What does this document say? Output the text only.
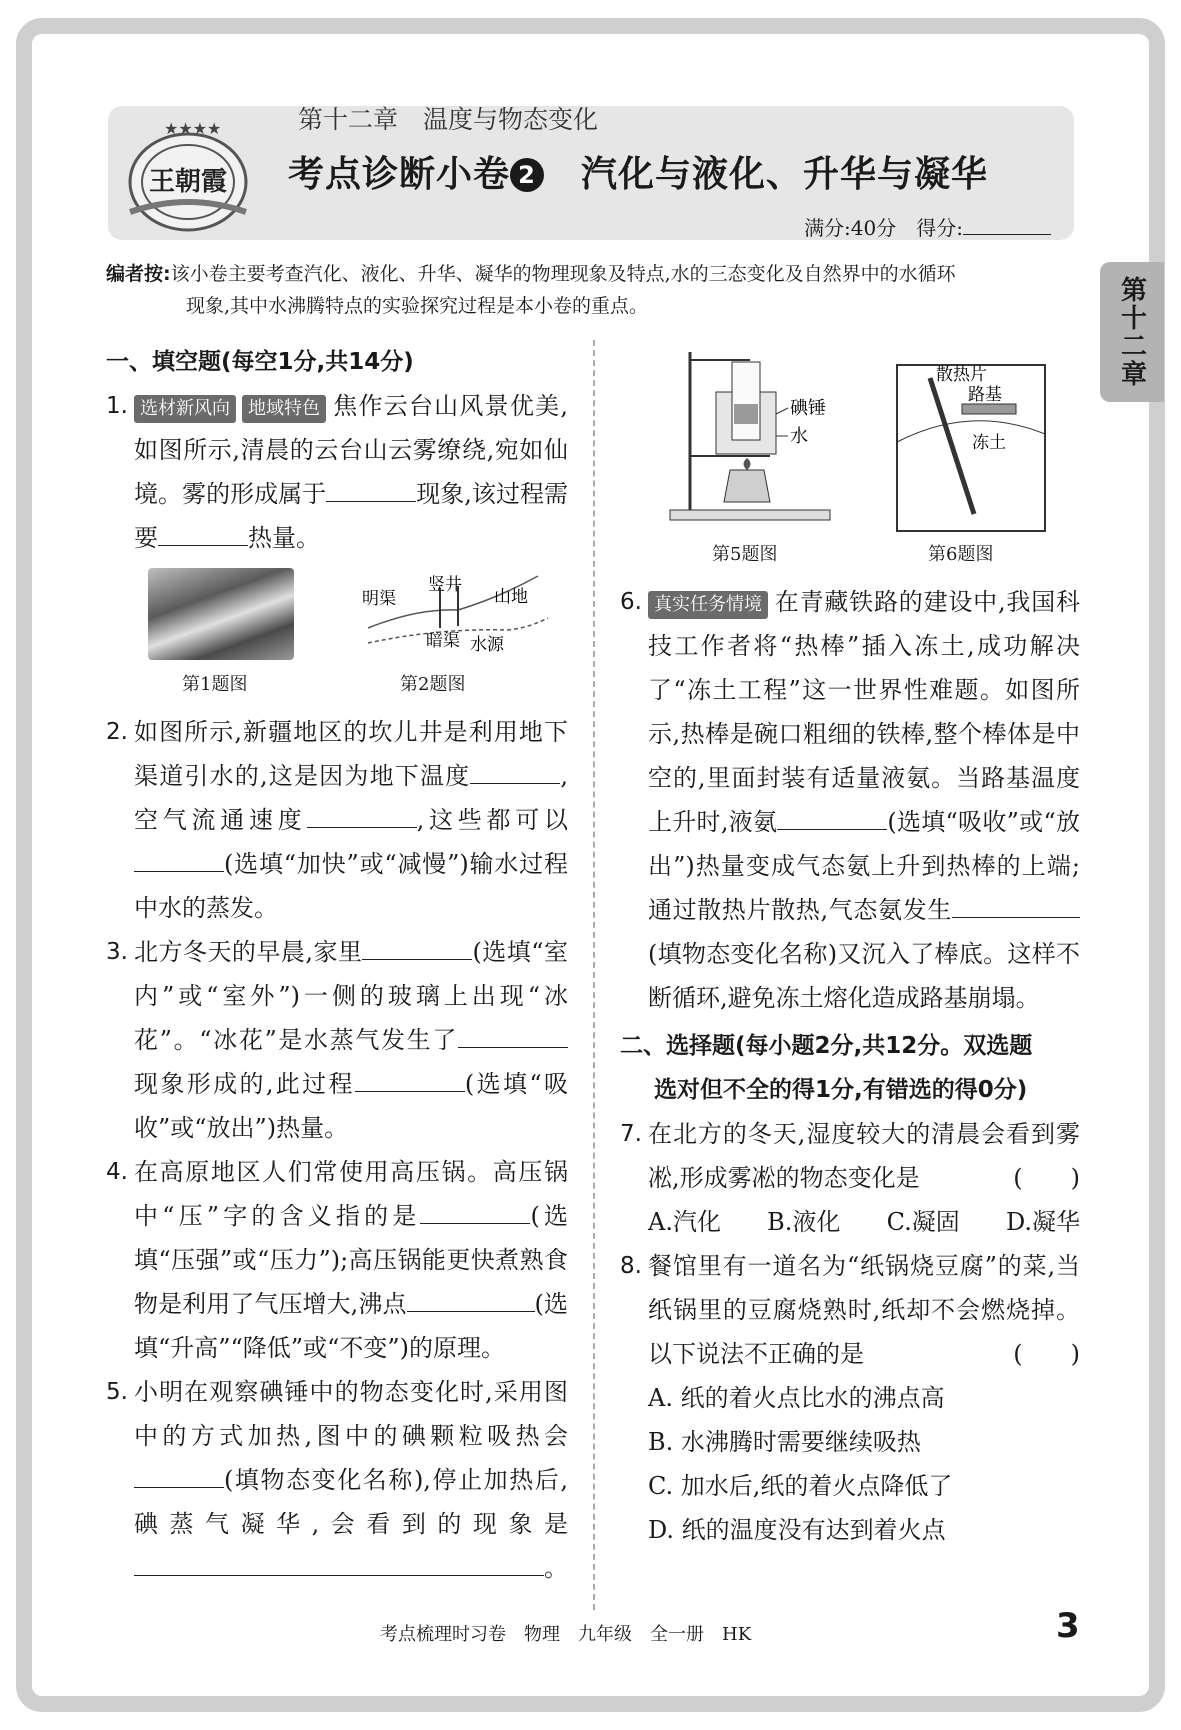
★★★★
王朝霞
第十二章　温度与物态变化
考点诊断小卷 2　 汽化与液化、升华与凝华
满分:40分　得分:
第十二章
编者按:该小卷主要考查汽化、液化、升华、凝华的物理现象及特点,水的三态变化及自然界中的水循环
现象,其中水沸腾特点的实验探究过程是本小卷的重点。
一、填空题(每空1分,共14分)
1. 选材新风向 地域特色 焦作云台山风景优美,如图所示,清晨的云台山云雾缭绕,宛如仙境。雾的形成属于	现象,该过程需要	热量。
2. 如图所示,新疆地区的坎儿井是利用地下渠道引水的,这是因为地下温度	,空气流通速度	,这些都可以(选填“加快”或“减慢”)输水过程中水的蒸发。
3. 北方冬天的早晨,家里	(选填“室内”或“室外”)一侧的玻璃上出现“冰花”。“冰花”是水蒸气发生了现象形成的,此过程	(选填“吸收”或“放出”)热量。
4. 在高原地区人们常使用高压锅。高压锅中“压”字的含义指的是	(选填“压强”或“压力”);高压锅能更快煮熟食物是利用了气压增大,沸点	(选填“升高”“降低”或“不变”)的原理。
5. 小明在观察碘锤中的物态变化时,采用图中的方式加热,图中的碘颗粒吸热会(填物态变化名称),停止加热后,碘蒸气凝华,会看到的现象是。
明渠
竖井
山地
暗渠 水源
第1题图	第2题图
碘锤
水
散热片
路基
冻土
第5题图	第6题图
6. 真实任务情境 在青藏铁路的建设中,我国科技工作者将“热棒”插入冻土,成功解决了“冻土工程”这一世界性难题。如图所示,热棒是碗口粗细的铁棒,整个棒体是中空的,里面封装有适量液氨。当路基温度上升时,液氨	(选填“吸收”或“放出”)热量变成气态氨上升到热棒的上端;通过散热片散热,气态氨发生(填物态变化名称)又沉入了棒底。这样不断循环,避免冻土熔化造成路基崩塌。
二、选择题(每小题2分,共12分。双选题
选对但不全的得1分,有错选的得0分)
7. 在北方的冬天,湿度较大的清晨会看到雾凇,形成雾凇的物态变化是	(　　)
A.汽化 B.液化 C.凝固 D.凝华
8. 餐馆里有一道名为“纸锅烧豆腐”的菜,当纸锅里的豆腐烧熟时,纸却不会燃烧掉。以下说法不正确的是	(　　)
A. 纸的着火点比水的沸点高
B. 水沸腾时需要继续吸热
C. 加水后,纸的着火点降低了
D. 纸的温度没有达到着火点
考点梳理时习卷　物理　九年级　全一册　HK	3
